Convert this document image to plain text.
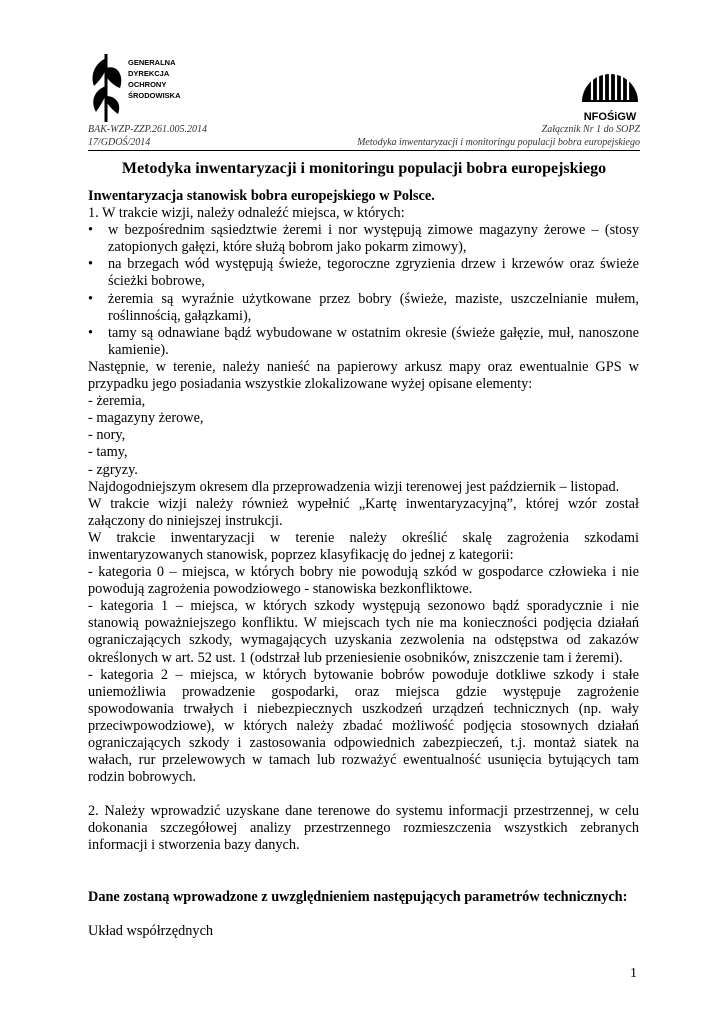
GENERALNA
DYREKCJA
OCHRONY
ŚRODOWISKA
NFOŚiGW
BAK-WZP-ZZP.261.005.2014	Załącznik Nr 1 do SOPZ
17/GDOŚ/2014	Metodyka inwentaryzacji i monitoringu populacji bobra europejskiego
Metodyka inwentaryzacji i monitoringu populacji bobra europejskiego

Inwentaryzacja stanowisk bobra europejskiego w Polsce.

1. W trakcie wizji, należy odnaleźć miejsca, w których:

•	w bezpośrednim sąsiedztwie żeremi i nor występują zimowe magazyny żerowe – (stosy zatopionych gałęzi, które służą bobrom jako pokarm zimowy),
•	na brzegach wód występują świeże, tegoroczne zgryzienia drzew i krzewów oraz świeże ścieżki bobrowe,
•	żeremia są wyraźnie użytkowane przez bobry (świeże, maziste, uszczelnianie mułem, roślinnością, gałązkami),
•	tamy są odnawiane bądź wybudowane w ostatnim okresie (świeże gałęzie, muł, nanoszone kamienie).

Następnie, w terenie, należy nanieść na papierowy arkusz mapy oraz ewentualnie GPS w przypadku jego posiadania wszystkie zlokalizowane wyżej opisane elementy:

- żeremia,

- magazyny żerowe,

- nory,

- tamy,

- zgryzy.

Najdogodniejszym okresem dla przeprowadzenia wizji terenowej jest październik – listopad.

W trakcie wizji należy również wypełnić „Kartę inwentaryzacyjną”, której wzór został załączony do niniejszej instrukcji.

W trakcie inwentaryzacji w terenie należy określić skalę zagrożenia szkodami inwentaryzowanych stanowisk, poprzez klasyfikację do jednej z kategorii:

- kategoria 0 – miejsca, w których bobry nie powodują szkód w gospodarce człowieka i nie powodują zagrożenia powodziowego - stanowiska bezkonfliktowe.

- kategoria 1 – miejsca, w których szkody występują sezonowo bądź sporadycznie i nie stanowią poważniejszego konfliktu. W miejscach tych nie ma konieczności podjęcia działań ograniczających szkody, wymagających uzyskania zezwolenia na odstępstwa od zakazów określonych w art. 52 ust. 1 (odstrzał lub przeniesienie osobników, zniszczenie tam i żeremi).

- kategoria 2 – miejsca, w których bytowanie bobrów powoduje dotkliwe szkody i stałe uniemożliwia prowadzenie gospodarki, oraz miejsca gdzie występuje zagrożenie spowodowania trwałych i niebezpiecznych uszkodzeń urządzeń technicznych (np. wały przeciwpowodziowe), w których należy zbadać możliwość podjęcia stosownych działań ograniczających szkody i zastosowania odpowiednich zabezpieczeń, t.j. montaż siatek na wałach, rur przelewowych w tamach lub rozważyć ewentualność usunięcia bytujących tam rodzin bobrowych.

2. Należy wprowadzić uzyskane dane terenowe do systemu informacji przestrzennej, w celu dokonania szczegółowej analizy przestrzennego rozmieszczenia wszystkich zebranych informacji i stworzenia bazy danych.

Dane zostaną wprowadzone z uwzględnieniem następujących parametrów technicznych:

Układ współrzędnych

1
